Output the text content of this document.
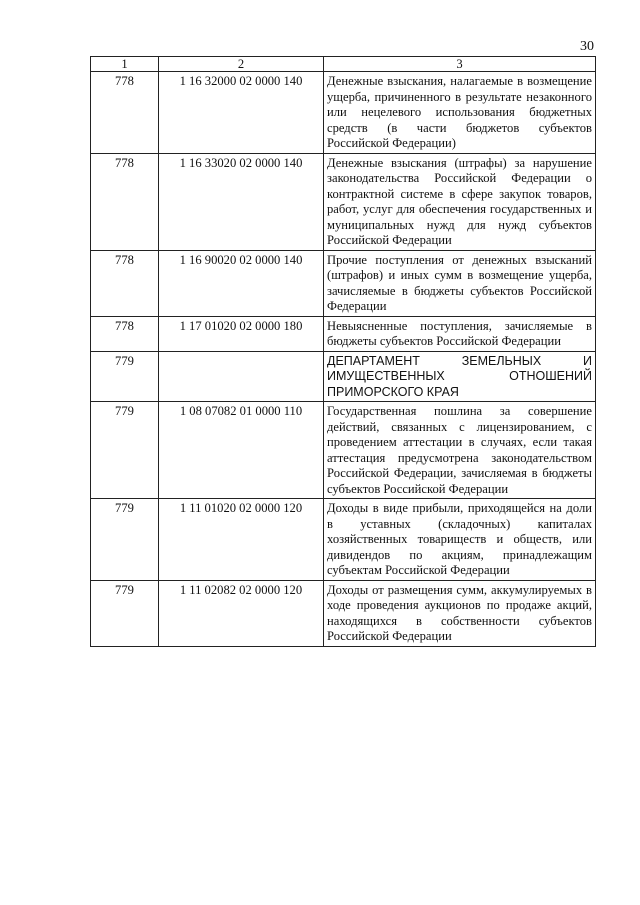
30
1	2	3
778	1 16 32000 02 0000 140	Денежные взыскания, налагаемые в возмещение ущерба, причиненного в результате незаконного или нецелевого использования бюджетных средств (в части бюджетов субъектов Российской Федерации)
778	1 16 33020 02 0000 140	Денежные взыскания (штрафы) за нарушение законодательства Российской Федерации о контрактной системе в сфере закупок товаров, работ, услуг для обеспечения государственных и муниципальных нужд для нужд субъектов Российской Федерации
778	1 16 90020 02 0000 140	Прочие поступления от денежных взысканий (штрафов) и иных сумм в возмещение ущерба, зачисляемые в бюджеты субъектов Российской Федерации
778	1 17 01020 02 0000 180	Невыясненные поступления, зачисляемые в бюджеты субъектов Российской Федерации
779		ДЕПАРТАМЕНТ ЗЕМЕЛЬНЫХ И ИМУЩЕСТВЕННЫХ ОТНОШЕНИЙ ПРИМОРСКОГО КРАЯ
779	1 08 07082 01 0000 110	Государственная пошлина за совершение действий, связанных с лицензированием, с проведением аттестации в случаях, если такая аттестация предусмотрена законодательством Российской Федерации, зачисляемая в бюджеты субъектов Российской Федерации
779	1 11 01020 02 0000 120	Доходы в виде прибыли, приходящейся на доли в уставных (складочных) капиталах хозяйственных товариществ и обществ, или дивидендов по акциям, принадлежащим субъектам Российской Федерации
779	1 11 02082 02 0000 120	Доходы от размещения сумм, аккумулируемых в ходе проведения аукционов по продаже акций, находящихся в собственности субъектов Российской Федерации
